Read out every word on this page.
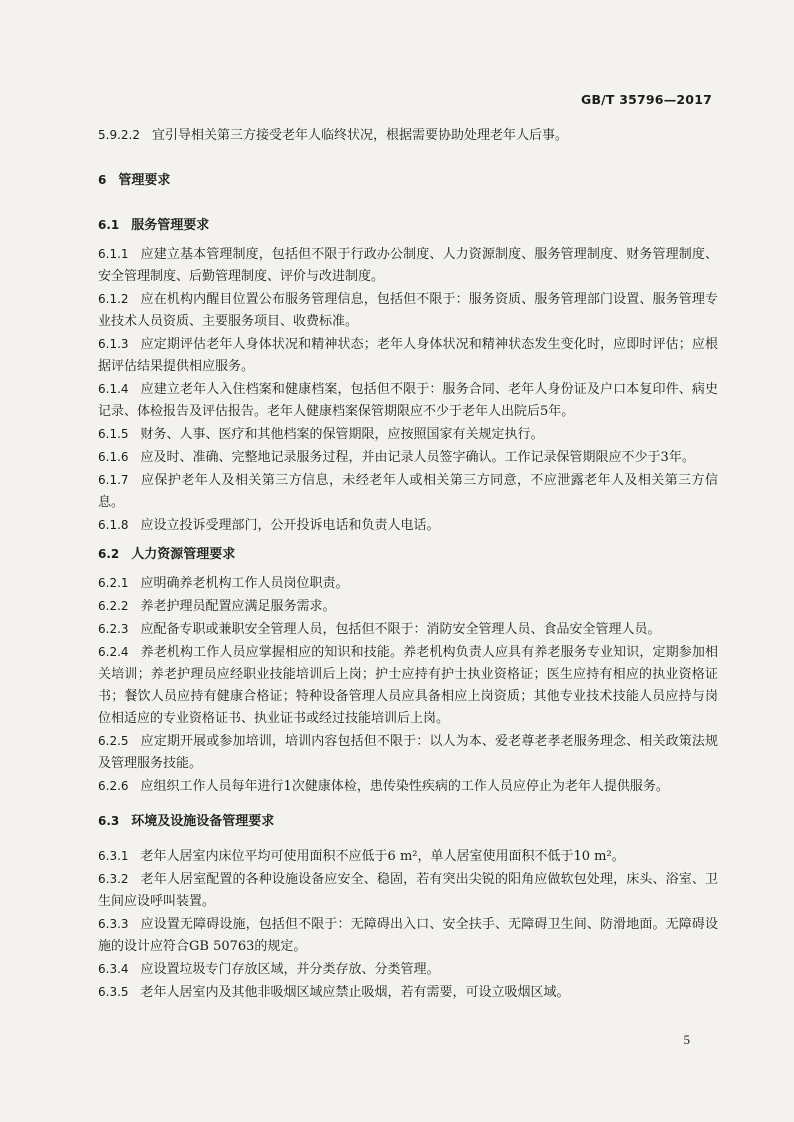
GB/T 35796—2017

5.9.2.2 宜引导相关第三方接受老年人临终状况，根据需要协助处理老年人后事。

6 管理要求

6.1 服务管理要求

6.1.1 应建立基本管理制度，包括但不限于行政办公制度、人力资源制度、服务管理制度、财务管理制度、安全管理制度、后勤管理制度、评价与改进制度。

6.1.2 应在机构内醒目位置公布服务管理信息，包括但不限于：服务资质、服务管理部门设置、服务管理专业技术人员资质、主要服务项目、收费标准。

6.1.3 应定期评估老年人身体状况和精神状态；老年人身体状况和精神状态发生变化时，应即时评估；应根据评估结果提供相应服务。

6.1.4 应建立老年人入住档案和健康档案，包括但不限于：服务合同、老年人身份证及户口本复印件、病史记录、体检报告及评估报告。老年人健康档案保管期限应不少于老年人出院后5年。

6.1.5 财务、人事、医疗和其他档案的保管期限，应按照国家有关规定执行。

6.1.6 应及时、准确、完整地记录服务过程，并由记录人员签字确认。工作记录保管期限应不少于3年。

6.1.7 应保护老年人及相关第三方信息，未经老年人或相关第三方同意，不应泄露老年人及相关第三方信息。

6.1.8 应设立投诉受理部门，公开投诉电话和负责人电话。

6.2 人力资源管理要求

6.2.1 应明确养老机构工作人员岗位职责。

6.2.2 养老护理员配置应满足服务需求。

6.2.3 应配备专职或兼职安全管理人员，包括但不限于：消防安全管理人员、食品安全管理人员。

6.2.4 养老机构工作人员应掌握相应的知识和技能。养老机构负责人应具有养老服务专业知识，定期参加相关培训；养老护理员应经职业技能培训后上岗；护士应持有护士执业资格证；医生应持有相应的执业资格证书；餐饮人员应持有健康合格证；特种设备管理人员应具备相应上岗资质；其他专业技术技能人员应持与岗位相适应的专业资格证书、执业证书或经过技能培训后上岗。

6.2.5 应定期开展或参加培训，培训内容包括但不限于：以人为本、爱老尊老孝老服务理念、相关政策法规及管理服务技能。

6.2.6 应组织工作人员每年进行1次健康体检，患传染性疾病的工作人员应停止为老年人提供服务。

6.3 环境及设施设备管理要求

6.3.1 老年人居室内床位平均可使用面积不应低于6 m²，单人居室使用面积不低于10 m²。

6.3.2 老年人居室配置的各种设施设备应安全、稳固，若有突出尖锐的阳角应做软包处理，床头、浴室、卫生间应设呼叫装置。

6.3.3 应设置无障碍设施，包括但不限于：无障碍出入口、安全扶手、无障碍卫生间、防滑地面。无障碍设施的设计应符合GB 50763的规定。

6.3.4 应设置垃圾专门存放区域，并分类存放、分类管理。

6.3.5 老年人居室内及其他非吸烟区域应禁止吸烟，若有需要，可设立吸烟区域。

5
